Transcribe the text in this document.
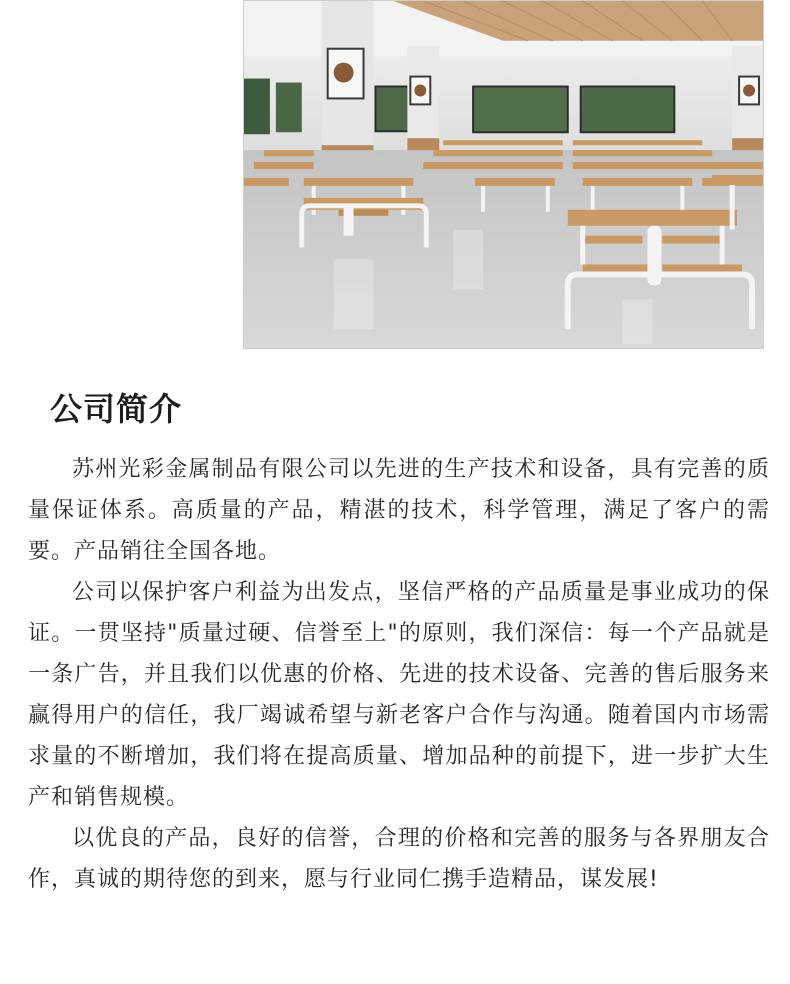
公司简介

苏州光彩金属制品有限公司以先进的生产技术和设备，具有完善的质量保证体系。高质量的产品，精湛的技术，科学管理，满足了客户的需要。产品销往全国各地。

公司以保护客户利益为出发点，坚信严格的产品质量是事业成功的保证。一贯坚持"质量过硬、信誉至上"的原则，我们深信：每一个产品就是一条广告，并且我们以优惠的价格、先进的技术设备、完善的售后服务来赢得用户的信任，我厂竭诚希望与新老客户合作与沟通。随着国内市场需求量的不断增加，我们将在提高质量、增加品种的前提下，进一步扩大生产和销售规模。

以优良的产品，良好的信誉，合理的价格和完善的服务与各界朋友合作，真诚的期待您的到来，愿与行业同仁携手造精品，谋发展!
